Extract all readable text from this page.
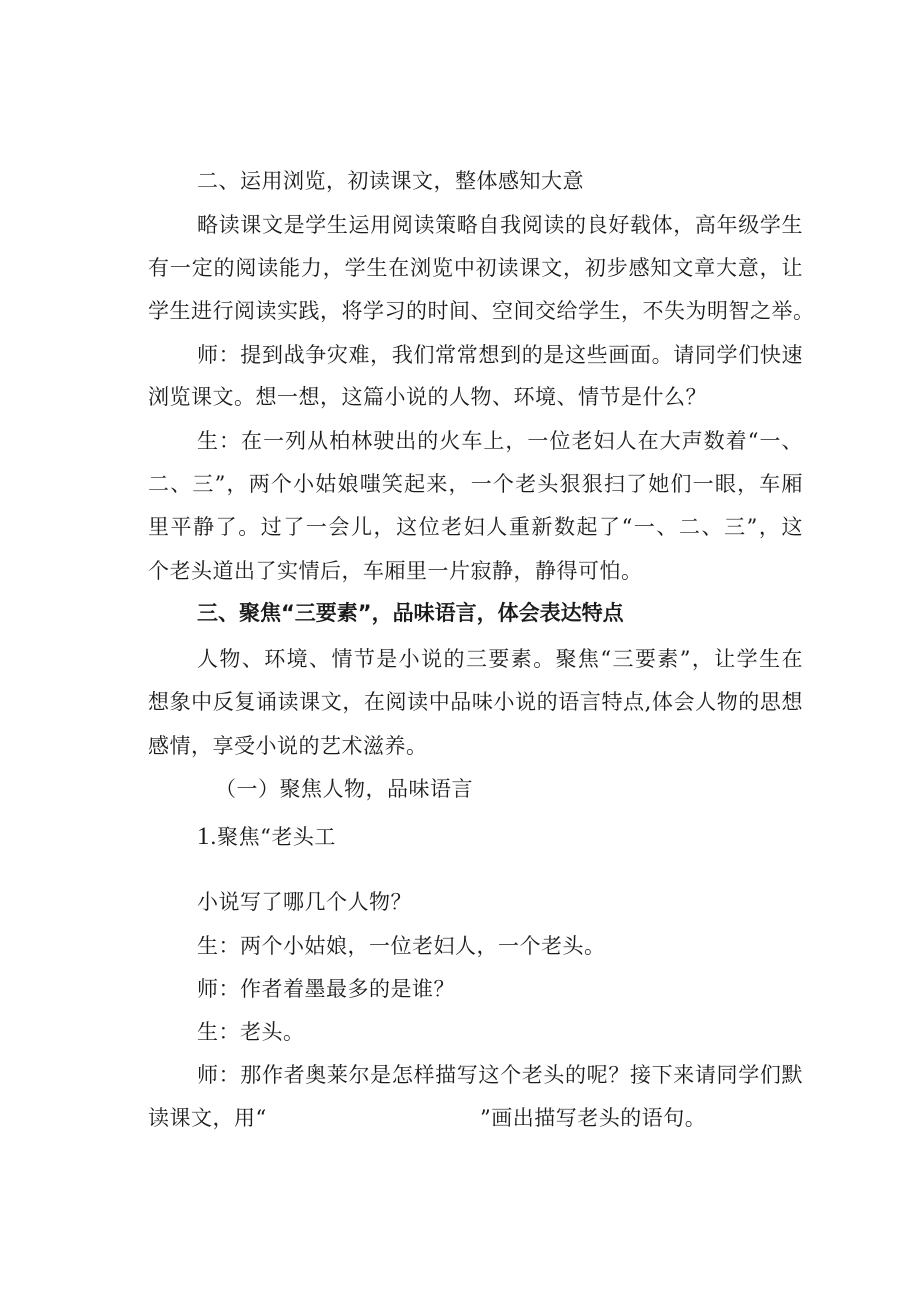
二、运用浏览，初读课文，整体感知大意
略读课文是学生运用阅读策略自我阅读的良好载体，高年级学生
有一定的阅读能力，学生在浏览中初读课文，初步感知文章大意，让
学生进行阅读实践，将学习的时间、空间交给学生，不失为明智之举。
师：提到战争灾难，我们常常想到的是这些画面。请同学们快速
浏览课文。想一想，这篇小说的人物、环境、情节是什么？
生：在一列从柏林驶出的火车上，一位老妇人在大声数着“一、
二、三”，两个小姑娘嗤笑起来，一个老头狠狠扫了她们一眼，车厢
里平静了。过了一会儿，这位老妇人重新数起了“一、二、三”，这
个老头道出了实情后，车厢里一片寂静，静得可怕。
三、聚焦“三要素”，品味语言，体会表达特点
人物、环境、情节是小说的三要素。聚焦“三要素”，让学生在
想象中反复诵读课文，在阅读中品味小说的语言特点,体会人物的思想
感情，享受小说的艺术滋养。
（一）聚焦人物，品味语言
1.聚焦“老头工
小说写了哪几个人物？
生：两个小姑娘，一位老妇人，一个老头。
师：作者着墨最多的是谁？
生：老头。
师：那作者奥莱尔是怎样描写这个老头的呢？接下来请同学们默
读课文，用“	”画出描写老头的语句。
